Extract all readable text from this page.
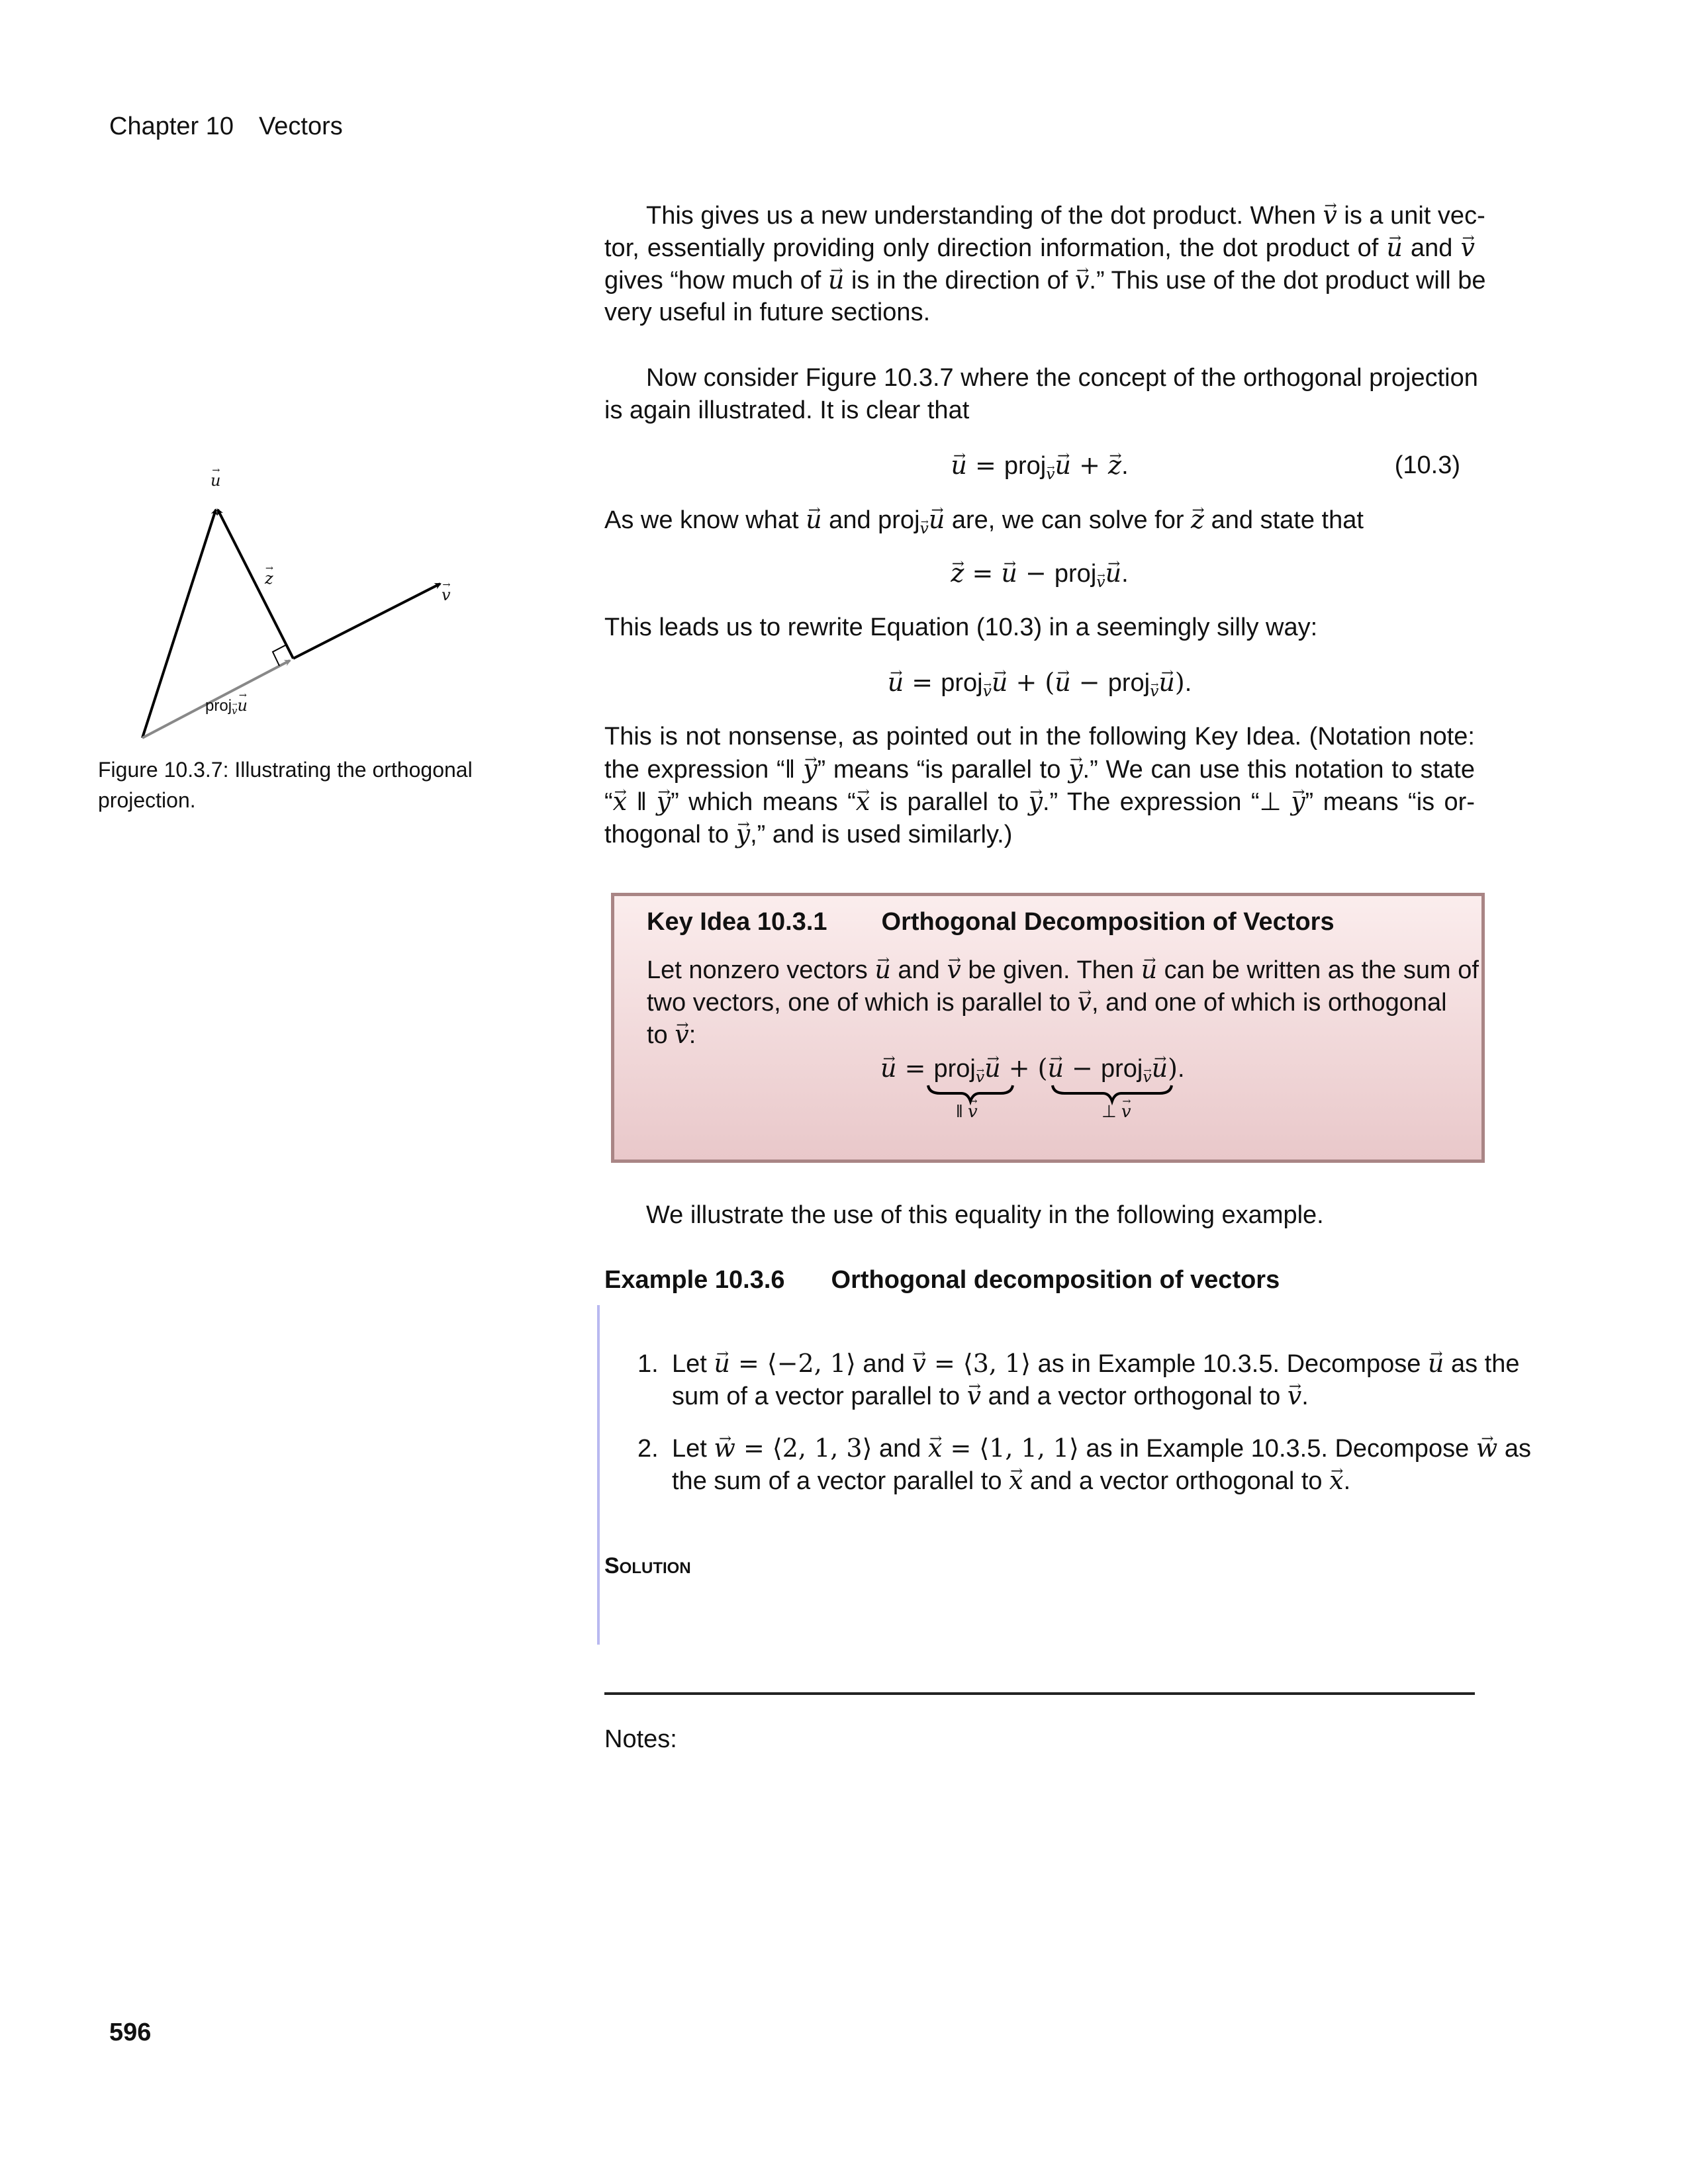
Chapter 10 Vectors
→ u
→ z
→ v
proj→ $_v$→ u
Figure 10.3.7: Illustrating the orthogonal
projection.
This gives us a new understanding of the dot product. When → v is a unit vec-
tor, essentially providing only direction information, the dot product of → u and → v
gives “how much of → u is in the direction of → v.” This use of the dot product will be
very useful in future sections.
Now consider Figure 10.3.7 where the concept of the orthogonal projection
is again illustrated. It is clear that
→ u = proj→ $_v$→ u + → z.	(10.3)
As we know what → u and proj→ $_v$→ u are, we can solve for → z and state that
→ z = → u − proj→ $_v$→ u.
This leads us to rewrite Equation (10.3) in a seemingly silly way:
→ u = proj→ $_v$→ u + (→ u − proj→ $_v$→ u).
This is not nonsense, as pointed out in the following Key Idea. (Notation note:
the expression “‖ → y” means “is parallel to → y.” We can use this notation to state
“→ x ‖ → y” which means “→ x is parallel to → y.” The expression “⊥ → y” means “is or-
thogonal to → y,” and is used similarly.)
Key Idea 10.3.1 Orthogonal Decomposition of Vectors
Let nonzero vectors → u and → v be given. Then → u can be written as the sum of
two vectors, one of which is parallel to → v, and one of which is orthogonal
to → v:
→ u = proj→ $_v$→ u + (→ u − proj→ $_v$→ u).
‖ → v	⊥ → v
We illustrate the use of this equality in the following example.
Example 10.3.6 Orthogonal decomposition of vectors
1. Let → u = ⟨−2, 1⟩ and → v = ⟨3, 1⟩ as in Example 10.3.5. Decompose → u as the
sum of a vector parallel to → v and a vector orthogonal to → v.
2. Let → w = ⟨2, 1, 3⟩ and → x = ⟨1, 1, 1⟩ as in Example 10.3.5. Decompose → w as
the sum of a vector parallel to → x and a vector orthogonal to → x.
Solution
Notes:
596
